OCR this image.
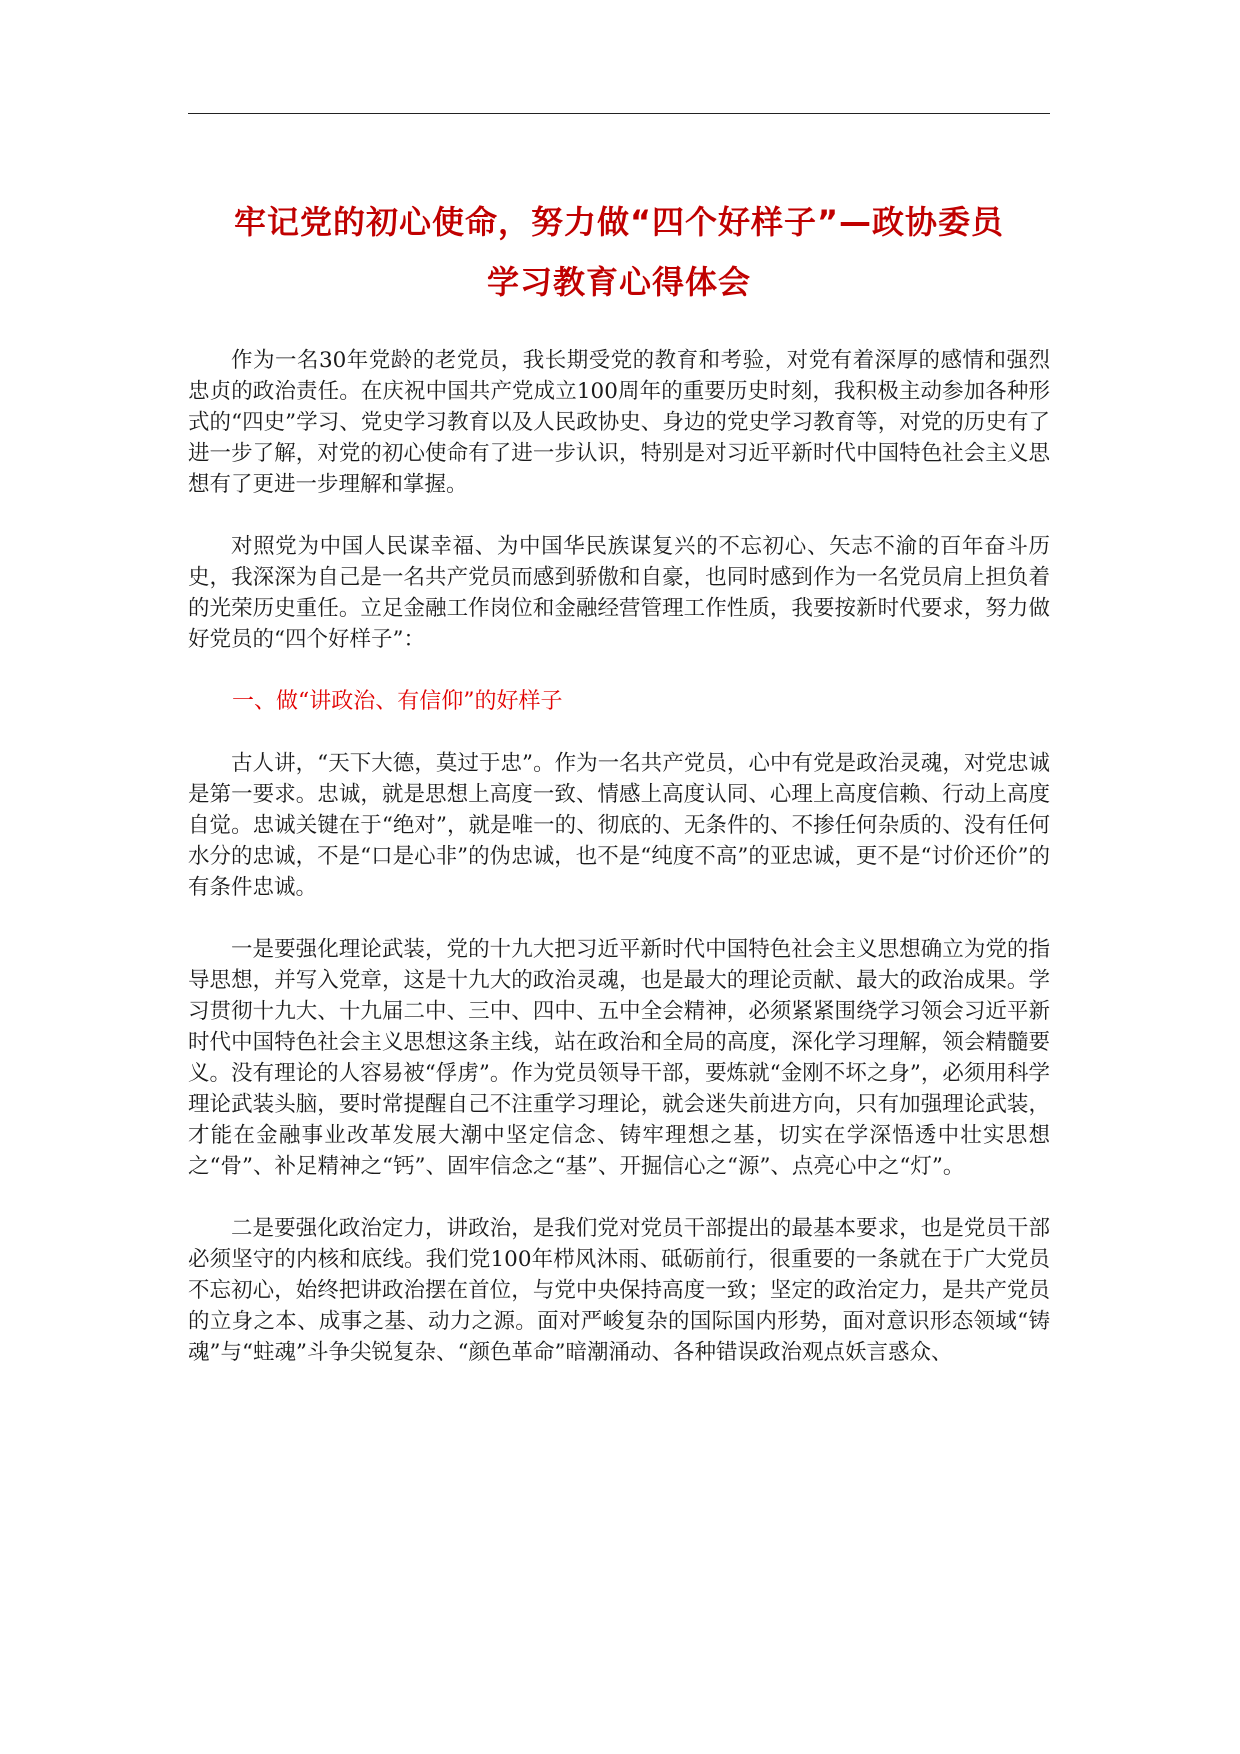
牢记党的初心使命，努力做“四个好样子”—政协委员
学习教育心得体会

作为一名30年党龄的老党员，我长期受党的教育和考验，对党有着深厚的感情和强烈忠贞的政治责任。在庆祝中国共产党成立100周年的重要历史时刻，我积极主动参加各种形式的“四史”学习、党史学习教育以及人民政协史、身边的党史学习教育等，对党的历史有了进一步了解，对党的初心使命有了进一步认识，特别是对习近平新时代中国特色社会主义思想有了更进一步理解和掌握。

对照党为中国人民谋幸福、为中国华民族谋复兴的不忘初心、矢志不渝的百年奋斗历史，我深深为自己是一名共产党员而感到骄傲和自豪，也同时感到作为一名党员肩上担负着的光荣历史重任。立足金融工作岗位和金融经营管理工作性质，我要按新时代要求，努力做好党员的“四个好样子”：

一、做“讲政治、有信仰”的好样子

古人讲，“天下大德，莫过于忠”。作为一名共产党员，心中有党是政治灵魂，对党忠诚是第一要求。忠诚，就是思想上高度一致、情感上高度认同、心理上高度信赖、行动上高度自觉。忠诚关键在于“绝对”，就是唯一的、彻底的、无条件的、不掺任何杂质的、没有任何水分的忠诚，不是“口是心非”的伪忠诚，也不是“纯度不高”的亚忠诚，更不是“讨价还价”的有条件忠诚。

一是要强化理论武装，党的十九大把习近平新时代中国特色社会主义思想确立为党的指导思想，并写入党章，这是十九大的政治灵魂，也是最大的理论贡献、最大的政治成果。学习贯彻十九大、十九届二中、三中、四中、五中全会精神，必须紧紧围绕学习领会习近平新时代中国特色社会主义思想这条主线，站在政治和全局的高度，深化学习理解，领会精髓要义。没有理论的人容易被“俘虏”。作为党员领导干部，要炼就“金刚不坏之身”，必须用科学理论武装头脑，要时常提醒自己不注重学习理论，就会迷失前进方向，只有加强理论武装，才能在金融事业改革发展大潮中坚定信念、铸牢理想之基，切实在学深悟透中壮实思想之“骨”、补足精神之“钙”、固牢信念之“基”、开掘信心之“源”、点亮心中之“灯”。

二是要强化政治定力，讲政治，是我们党对党员干部提出的最基本要求，也是党员干部必须坚守的内核和底线。我们党100年栉风沐雨、砥砺前行，很重要的一条就在于广大党员不忘初心，始终把讲政治摆在首位，与党中央保持高度一致；坚定的政治定力，是共产党员的立身之本、成事之基、动力之源。面对严峻复杂的国际国内形势，面对意识形态领域“铸魂”与“蛀魂”斗争尖锐复杂、“颜色革命”暗潮涌动、各种错误政治观点妖言惑众、
